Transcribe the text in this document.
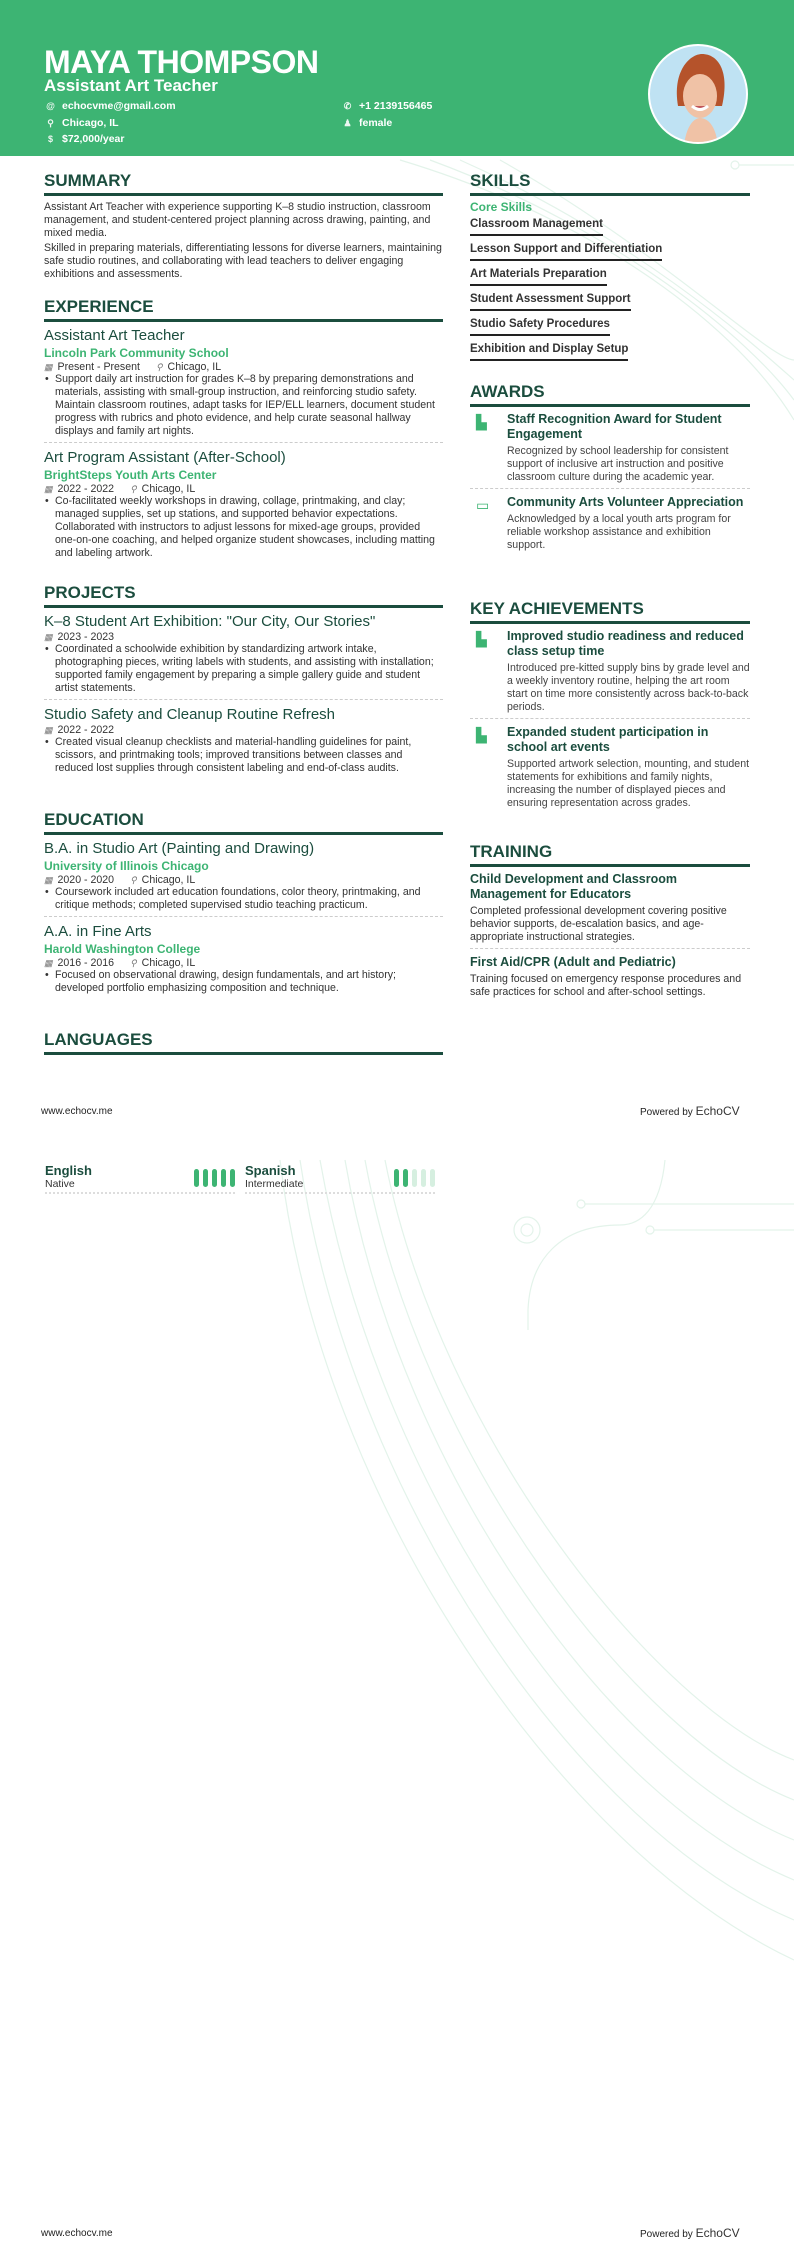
MAYA THOMPSON
Assistant Art Teacher
@ echocvme@gmail.com
⚲ Chicago, IL
$ $72,000/year
✆ +1 2139156465
♟ female
SUMMARY

Assistant Art Teacher with experience supporting K–8 studio instruction, classroom management, and student-centered project planning across drawing, painting, and mixed media.

Skilled in preparing materials, differentiating lessons for diverse learners, maintaining safe studio routines, and collaborating with lead teachers to deliver engaging exhibitions and assessments.

EXPERIENCE
Assistant Art Teacher
Lincoln Park Community School
▦ Present - Present ⚲ Chicago, IL
• Support daily art instruction for grades K–8 by preparing demonstrations and materials, assisting with small-group instruction, and reinforcing studio safety. Maintain classroom routines, adapt tasks for IEP/ELL learners, document student progress with rubrics and photo evidence, and help curate seasonal hallway displays and family art nights.
Art Program Assistant (After-School)
BrightSteps Youth Arts Center
▦ 2022 - 2022 ⚲ Chicago, IL
• Co-facilitated weekly workshops in drawing, collage, printmaking, and clay; managed supplies, set up stations, and supported behavior expectations. Collaborated with instructors to adjust lessons for mixed-age groups, provided one-on-one coaching, and helped organize student showcases, including matting and labeling artwork.
PROJECTS
K–8 Student Art Exhibition: "Our City, Our Stories"
▦ 2023 - 2023
• Coordinated a schoolwide exhibition by standardizing artwork intake, photographing pieces, writing labels with students, and assisting with installation; supported family engagement by preparing a simple gallery guide and student artist statements.
Studio Safety and Cleanup Routine Refresh
▦ 2022 - 2022
• Created visual cleanup checklists and material-handling guidelines for paint, scissors, and printmaking tools; improved transitions between classes and reduced lost supplies through consistent labeling and end-of-class audits.
EDUCATION
B.A. in Studio Art (Painting and Drawing)
University of Illinois Chicago
▦ 2020 - 2020 ⚲ Chicago, IL
• Coursework included art education foundations, color theory, printmaking, and critique methods; completed supervised studio teaching practicum.
A.A. in Fine Arts
Harold Washington College
▦ 2016 - 2016 ⚲ Chicago, IL
• Focused on observational drawing, design fundamentals, and art history; developed portfolio emphasizing composition and technique.
LANGUAGES
English
Native
Spanish
Intermediate
SKILLS
Core Skills
Classroom Management
Lesson Support and Differentiation
Art Materials Preparation
Student Assessment Support
Studio Safety Procedures
Exhibition and Display Setup
AWARDS
▙	Staff Recognition Award for Student Engagement
Recognized by school leadership for consistent support of inclusive art instruction and positive classroom culture during the academic year.
▭	Community Arts Volunteer Appreciation
Acknowledged by a local youth arts program for reliable workshop assistance and exhibition support.
KEY ACHIEVEMENTS
▙	Improved studio readiness and reduced class setup time
Introduced pre-kitted supply bins by grade level and a weekly inventory routine, helping the art room start on time more consistently across back-to-back periods.
▙	Expanded student participation in school art events
Supported artwork selection, mounting, and student statements for exhibitions and family nights, increasing the number of displayed pieces and ensuring representation across grades.
TRAINING
Child Development and Classroom Management for Educators
Completed professional development covering positive behavior supports, de-escalation basics, and age-appropriate instructional strategies.
First Aid/CPR (Adult and Pediatric)
Training focused on emergency response procedures and safe practices for school and after-school settings.
www.echocv.me	Powered by EchoCV
www.echocv.me	Powered by EchoCV
